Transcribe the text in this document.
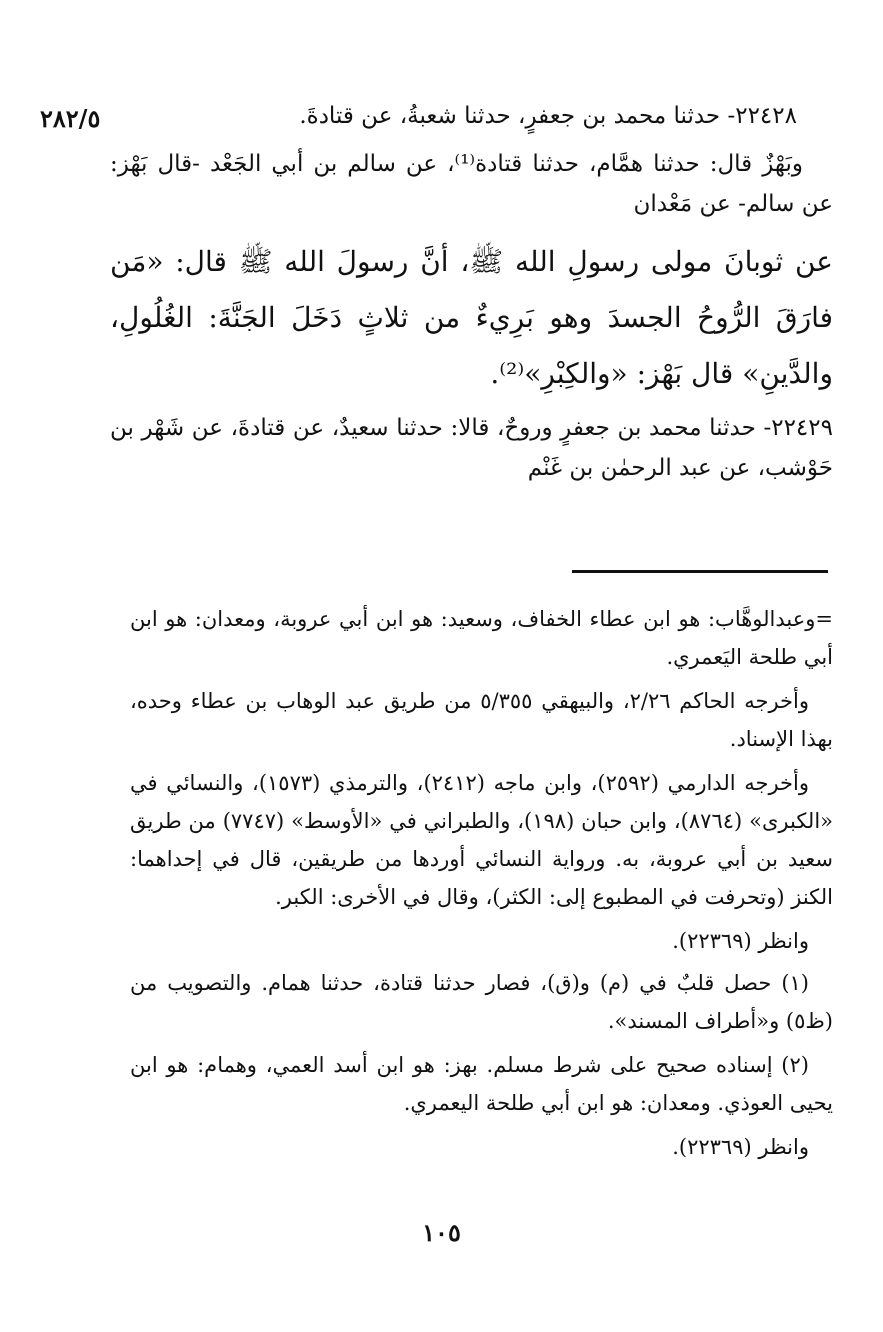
٢٨٢/٥	٢٢٤٢٨- حدثنا محمد بن جعفرٍ، حدثنا شعبةُ، عن قتادةَ.

وبَهْزٌ قال: حدثنا همَّام، حدثنا قتادة⁽¹⁾، عن سالم بن أبي الجَعْد -قال بَهْز: عن سالم- عن مَعْدان

عن ثوبانَ مولى رسولِ الله ﷺ، أنَّ رسولَ الله ﷺ قال: «مَن فارَقَ الرُّوحُ الجسدَ وهو بَرِيءٌ من ثلاثٍ دَخَلَ الجَنَّةَ: الغُلُولِ، والدَّينِ» قال بَهْز: «والكِبْرِ»⁽²⁾.

٢٢٤٢٩- حدثنا محمد بن جعفرٍ وروحٌ، قالا: حدثنا سعيدٌ، عن قتادةَ، عن شَهْر بن حَوْشب، عن عبد الرحمٰن بن غَنْم

=وعبدالوهَّاب: هو ابن عطاء الخفاف، وسعيد: هو ابن أبي عروبة، ومعدان: هو ابن أبي طلحة اليَعمري.

وأخرجه الحاكم ٢/٢٦، والبيهقي ٥/٣٥٥ من طريق عبد الوهاب بن عطاء وحده، بهذا الإسناد.

وأخرجه الدارمي (٢٥٩٢)، وابن ماجه (٢٤١٢)، والترمذي (١٥٧٣)، والنسائي في «الكبرى» (٨٧٦٤)، وابن حبان (١٩٨)، والطبراني في «الأوسط» (٧٧٤٧) من طريق سعيد بن أبي عروبة، به. ورواية النسائي أوردها من طريقين، قال في إحداهما: الكنز (وتحرفت في المطبوع إلى: الكثر)، وقال في الأخرى: الكبر.

وانظر (٢٢٣٦٩).

(١) حصل قلبٌ في (م) و(ق)، فصار حدثنا قتادة، حدثنا همام. والتصويب من (ظ٥) و«أطراف المسند».

(٢) إسناده صحيح على شرط مسلم. بهز: هو ابن أسد العمي، وهمام: هو ابن يحيى العوذي. ومعدان: هو ابن أبي طلحة اليعمري.

وانظر (٢٢٣٦٩).

١٠٥
